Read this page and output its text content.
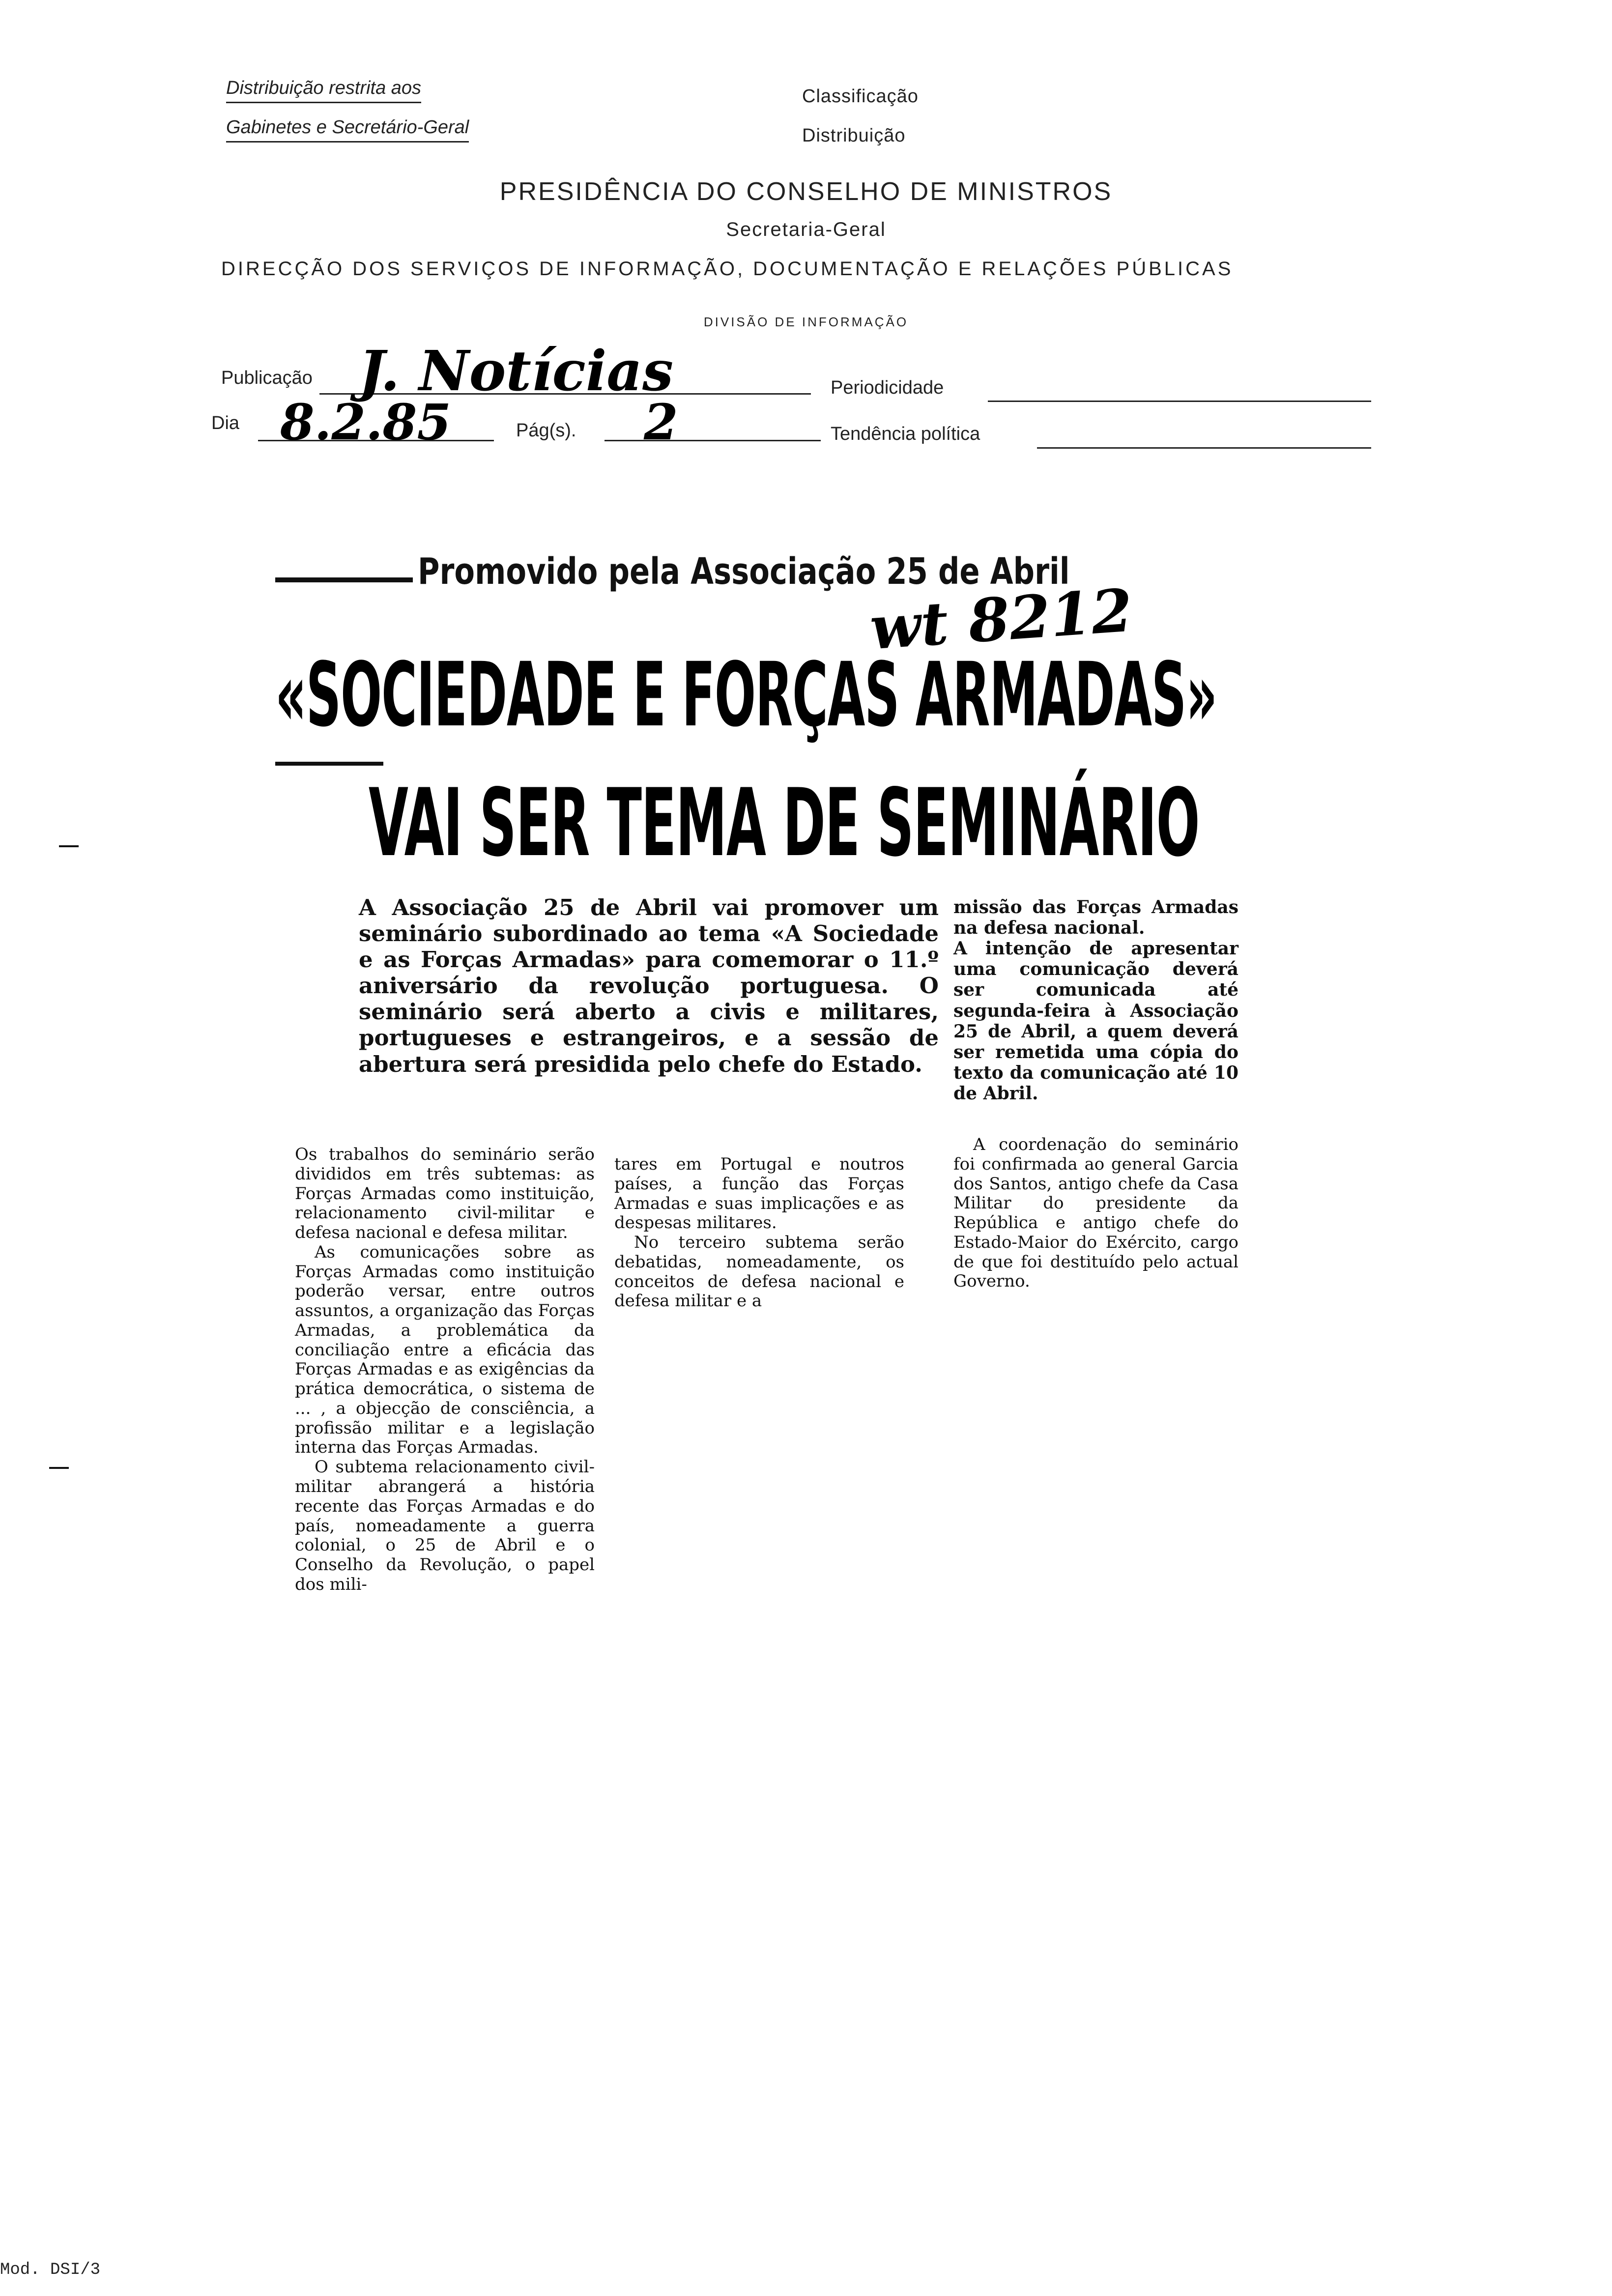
Distribuição restrita aos
Gabinetes e Secretário-Geral
Classificação
Distribuição
PRESIDÊNCIA DO CONSELHO DE MINISTROS
Secretaria-Geral
DIRECÇÃO DOS SERVIÇOS DE INFORMAÇÃO, DOCUMENTAÇÃO E RELAÇÕES PÚBLICAS
DIVISÃO DE INFORMAÇÃO
Publicação J. Notícias	Periodicidade
Dia 8.2.85	Pág(s). 2	Tendência política
Promovido pela Associação 25 de Abril
wt 8212
«SOCIEDADE E FORÇAS ARMADAS»
VAI SER TEMA DE SEMINÁRIO

A Associação 25 de Abril vai promover um seminário subordinado ao tema «A Sociedade e as Forças Armadas» para comemorar o 11.º aniversário da revolução portuguesa. O seminário será aberto a civis e militares, portugueses e estrangeiros, e a sessão de abertura será presidida pelo chefe do Estado.

missão das Forças Armadas na defesa nacional.
A intenção de apresentar uma comunicação deverá ser comunicada até segunda-feira à Associação 25 de Abril, a quem deverá ser remetida uma cópia do texto da comunicação até 10 de Abril.

Os trabalhos do seminário serão divididos em três subtemas: as Forças Armadas como instituição, relacionamento civil-militar e defesa nacional e defesa militar.

As comunicações sobre as Forças Armadas como instituição poderão versar, entre outros assuntos, a organização das Forças Armadas, a problemática da conciliação entre a eficácia das Forças Armadas e as exigências da prática democrática, o sistema de ... , a objecção de consciência, a profissão militar e a legislação interna das Forças Armadas.

O subtema relacionamento civil-militar abrangerá a história recente das Forças Armadas e do país, nomeadamente a guerra colonial, o 25 de Abril e o Conselho da Revolução, o papel dos mili-

tares em Portugal e noutros países, a função das Forças Armadas e suas implicações e as despesas militares.

No terceiro subtema serão debatidas, nomeadamente, os conceitos de defesa nacional e defesa militar e a

A coordenação do seminário foi confirmada ao general Garcia dos Santos, antigo chefe da Casa Militar do presidente da República e antigo chefe do Estado-Maior do Exército, cargo de que foi destituído pelo actual Governo.

Mod. DSI/3
